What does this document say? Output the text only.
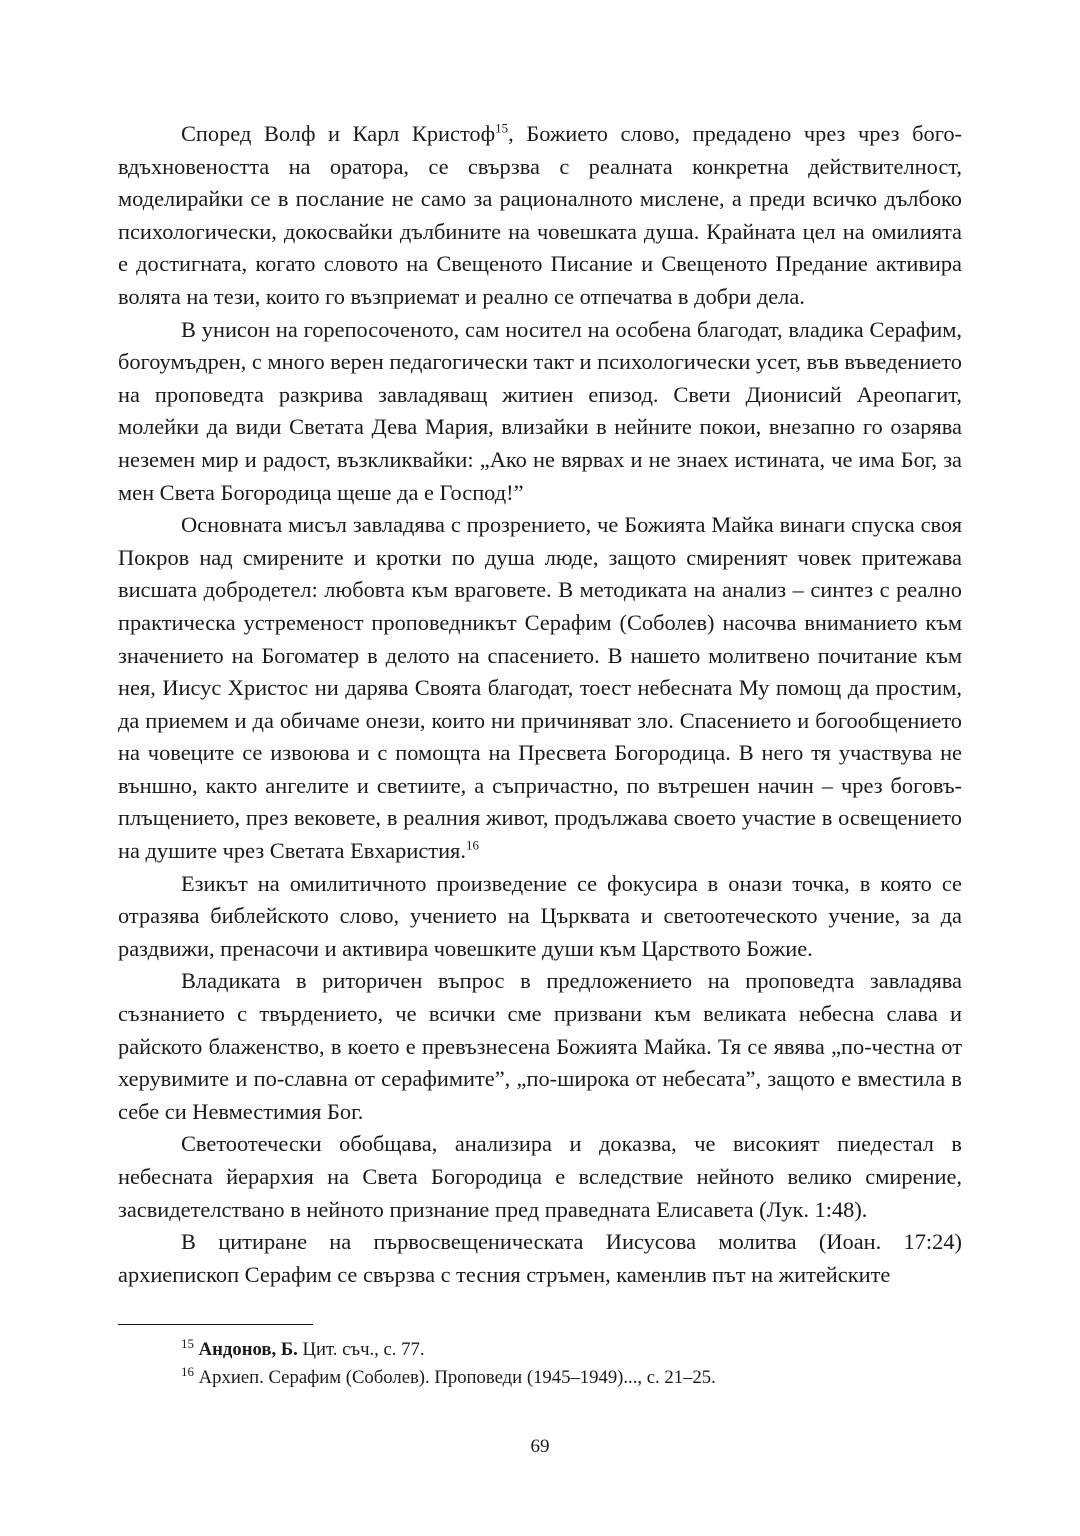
Според Волф и Карл Кристоф$^{15}$, Божието слово, предадено чрез чрез боговдъхновеността на оратора, се свързва с реалната конкретна действителност, моделирайки се в послание не само за рационалното мислене, а преди всичко дълбоко психологически, докосвайки дълбините на човешката душа. Крайната цел на омилията е достигната, когато словото на Свещеното Писание и Свещеното Предание активира волята на тези, които го възприемат и реално се отпечатва в добри дела.

В унисон на горепосоченото, сам носител на особена благодат, владика Серафим, богоумъдрен, с много верен педагогически такт и психологически усет, във въведението на проповедта разкрива завладяващ житиен епизод. Свети Дионисий Ареопагит, молейки да види Светата Дева Мария, влизайки в нейните покои, внезапно го озарява неземен мир и радост, възкликвайки: „Ако не вярвах и не знаех истината, че има Бог, за мен Света Богородица щеше да е Господ!”

Основната мисъл завладява с прозрението, че Божията Майка винаги спуска своя Покров над смирените и кротки по душа люде, защото смиреният човек притежава висшата добродетел: любовта към враговете. В методиката на анализ – синтез с реално практическа устременост проповедникът Серафим (Соболев) насочва вниманието към значението на Богоматер в делото на спасението. В нашето молитвено почитание към нея, Иисус Христос ни дарява Своята благодат, тоест небесната Му помощ да простим, да приемем и да обичаме онези, които ни причиняват зло. Спасението и богообщението на човеците се извоюва и с помощта на Пресвета Богородица. В него тя участвува не външно, както ангелите и светиите, а съпричастно, по вътрешен начин – чрез боговъплъщението, през вековете, в реалния живот, продължава своето участие в освещението на душите чрез Светата Евхаристия.$^{16}$

Езикът на омилитичното произведение се фокусира в онази точка, в която се отразява библейското слово, учението на Църквата и светоотеческото учение, за да раздвижи, пренасочи и активира човешките души към Царството Божие.

Владиката в риторичен въпрос в предложението на проповедта завладява съзнанието с твърдението, че всички сме призвани към великата небесна слава и райското блаженство, в което е превъзнесена Божията Майка. Тя се явява „по-честна от херувимите и по-славна от серафимите”, „по-широка от небесата”, защото е вместила в себе си Невместимия Бог.

Светоотечески обобщава, анализира и доказва, че високият пиедестал в небесната йерархия на Света Богородица е вследствие нейното велико смирение, засвидетелствано в нейното признание пред праведната Елисавета (Лук. 1:48).

В цитиране на първосвещеническата Иисусова молитва (Иоан. 17:24) архиепископ Серафим се свързва с тесния стръмен, каменлив път на житейските

$^{15}$ Андонов, Б. Цит. съч., с. 77.

$^{16}$ Архиеп. Серафим (Соболев). Проповеди (1945–1949)..., с. 21–25.

69
